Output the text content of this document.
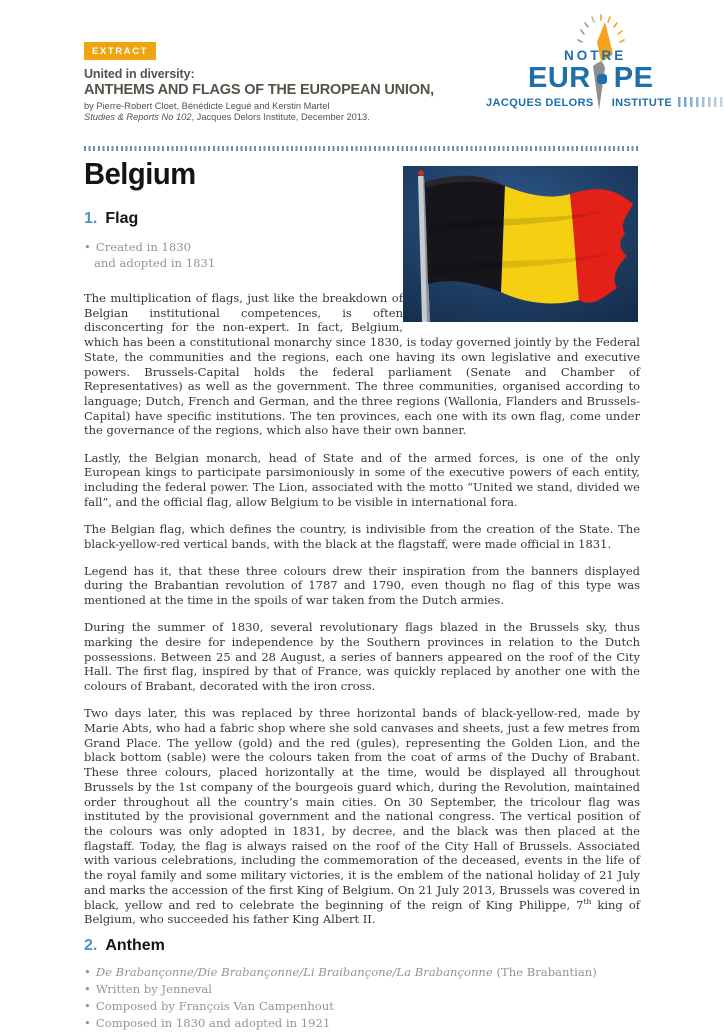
EXTRACT
United in diversity:
ANTHEMS AND FLAGS OF THE EUROPEAN UNION,
by Pierre-Robert Cloet, Bénédicte Legué and Kerstin Martel
Studies & Reports No 102, Jacques Delors Institute, December 2013.
NOTRE
EUR PE
JACQUES DELORS INSTITUTE
Belgium
1. Flag
• Created in 1830
and adopted in 1831

The multiplication of flags, just like the breakdown of Belgian institutional competences, is often disconcerting for the non-expert. In fact, Belgium, which has been a constitutional monarchy since 1830, is today governed jointly by the Federal State, the communities and the regions, each one having its own legislative and executive powers. Brussels-Capital holds the federal parliament (Senate and Chamber of Representatives) as well as the government. The three communities, organised according to language; Dutch, French and German, and the three regions (Wallonia, Flanders and Brussels-Capital) have specific institutions. The ten provinces, each one with its own flag, come under the governance of the regions, which also have their own banner.

Lastly, the Belgian monarch, head of State and of the armed forces, is one of the only European kings to participate parsimoniously in some of the executive powers of each entity, including the federal power. The Lion, associated with the motto “United we stand, divided we fall”, and the official flag, allow Belgium to be visible in international fora.

The Belgian flag, which defines the country, is indivisible from the creation of the State. The black-yellow-red vertical bands, with the black at the flagstaff, were made official in 1831.

Legend has it, that these three colours drew their inspiration from the banners displayed during the Brabantian revolution of 1787 and 1790, even though no flag of this type was mentioned at the time in the spoils of war taken from the Dutch armies.

During the summer of 1830, several revolutionary flags blazed in the Brussels sky, thus marking the desire for independence by the Southern provinces in relation to the Dutch possessions. Between 25 and 28 August, a series of banners appeared on the roof of the City Hall. The first flag, inspired by that of France, was quickly replaced by another one with the colours of Brabant, decorated with the iron cross.

Two days later, this was replaced by three horizontal bands of black-yellow-red, made by Marie Abts, who had a fabric shop where she sold canvases and sheets, just a few metres from Grand Place. The yellow (gold) and the red (gules), representing the Golden Lion, and the black bottom (sable) were the colours taken from the coat of arms of the Duchy of Brabant. These three colours, placed horizontally at the time, would be displayed all throughout Brussels by the 1st company of the bourgeois guard which, during the Revolution, maintained order throughout all the country’s main cities. On 30 September, the tricolour flag was instituted by the provisional government and the national congress. The vertical position of the colours was only adopted in 1831, by decree, and the black was then placed at the flagstaff. Today, the flag is always raised on the roof of the City Hall of Brussels. Associated with various celebrations, including the commemoration of the deceased, events in the life of the royal family and some military victories, it is the emblem of the national holiday of 21 July and marks the accession of the first King of Belgium. On 21 July 2013, Brussels was covered in black, yellow and red to celebrate the beginning of the reign of King Philippe, 7th king of Belgium, who succeeded his father King Albert II.

2. Anthem
• De Brabançonne/Die Brabançonne/Li Braibançone/La Brabançonne (The Brabantian)
• Written by Jenneval
• Composed by François Van Campenhout
• Composed in 1830 and adopted in 1921
